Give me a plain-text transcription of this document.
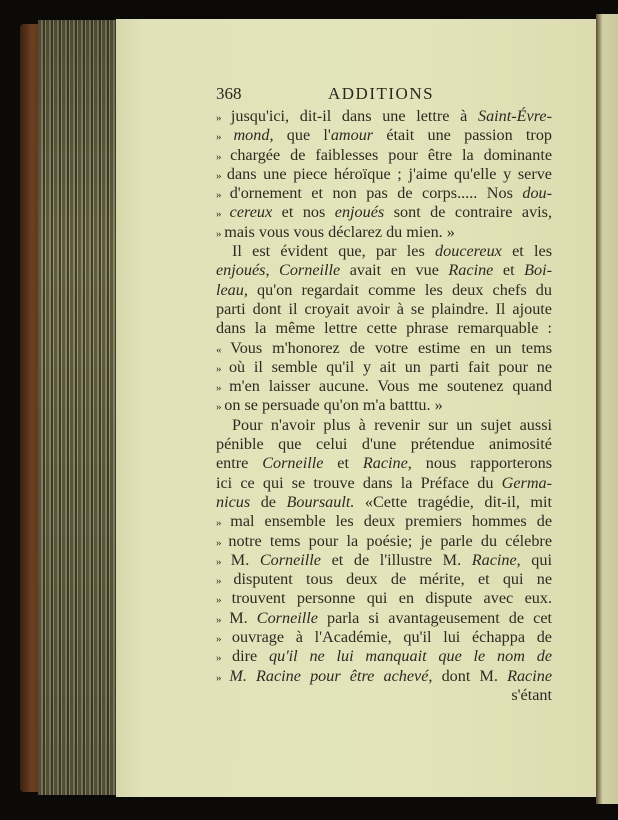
368	ADDITIONS
» jusqu'ici, dit-il dans une lettre à Saint-Évre-
» mond, que l'amour était une passion trop
» chargée de faiblesses pour être la dominante
» dans une piece héroïque ; j'aime qu'elle y serve
» d'ornement et non pas de corps..... Nos dou-
» cereux et nos enjoués sont de contraire avis,
» mais vous vous déclarez du mien. »
Il est évident que, par les doucereux et les
enjoués, Corneille avait en vue Racine et Boi-
leau, qu'on regardait comme les deux chefs du
parti dont il croyait avoir à se plaindre. Il ajoute
dans la même lettre cette phrase remarquable :
« Vous m'honorez de votre estime en un tems
» où il semble qu'il y ait un parti fait pour ne
» m'en laisser aucune. Vous me soutenez quand
» on se persuade qu'on m'a batttu. »
Pour n'avoir plus à revenir sur un sujet aussi
pénible que celui d'une prétendue animosité
entre Corneille et Racine, nous rapporterons
ici ce qui se trouve dans la Préface du Germa-
nicus de Boursault. «Cette tragédie, dit-il, mit
» mal ensemble les deux premiers hommes de
» notre tems pour la poésie; je parle du célebre
» M. Corneille et de l'illustre M. Racine, qui
» disputent tous deux de mérite, et qui ne
» trouvent personne qui en dispute avec eux.
» M. Corneille parla si avantageusement de cet
» ouvrage à l'Académie, qu'il lui échappa de
» dire qu'il ne lui manquait que le nom de
» M. Racine pour être achevé, dont M. Racine
s'étant
